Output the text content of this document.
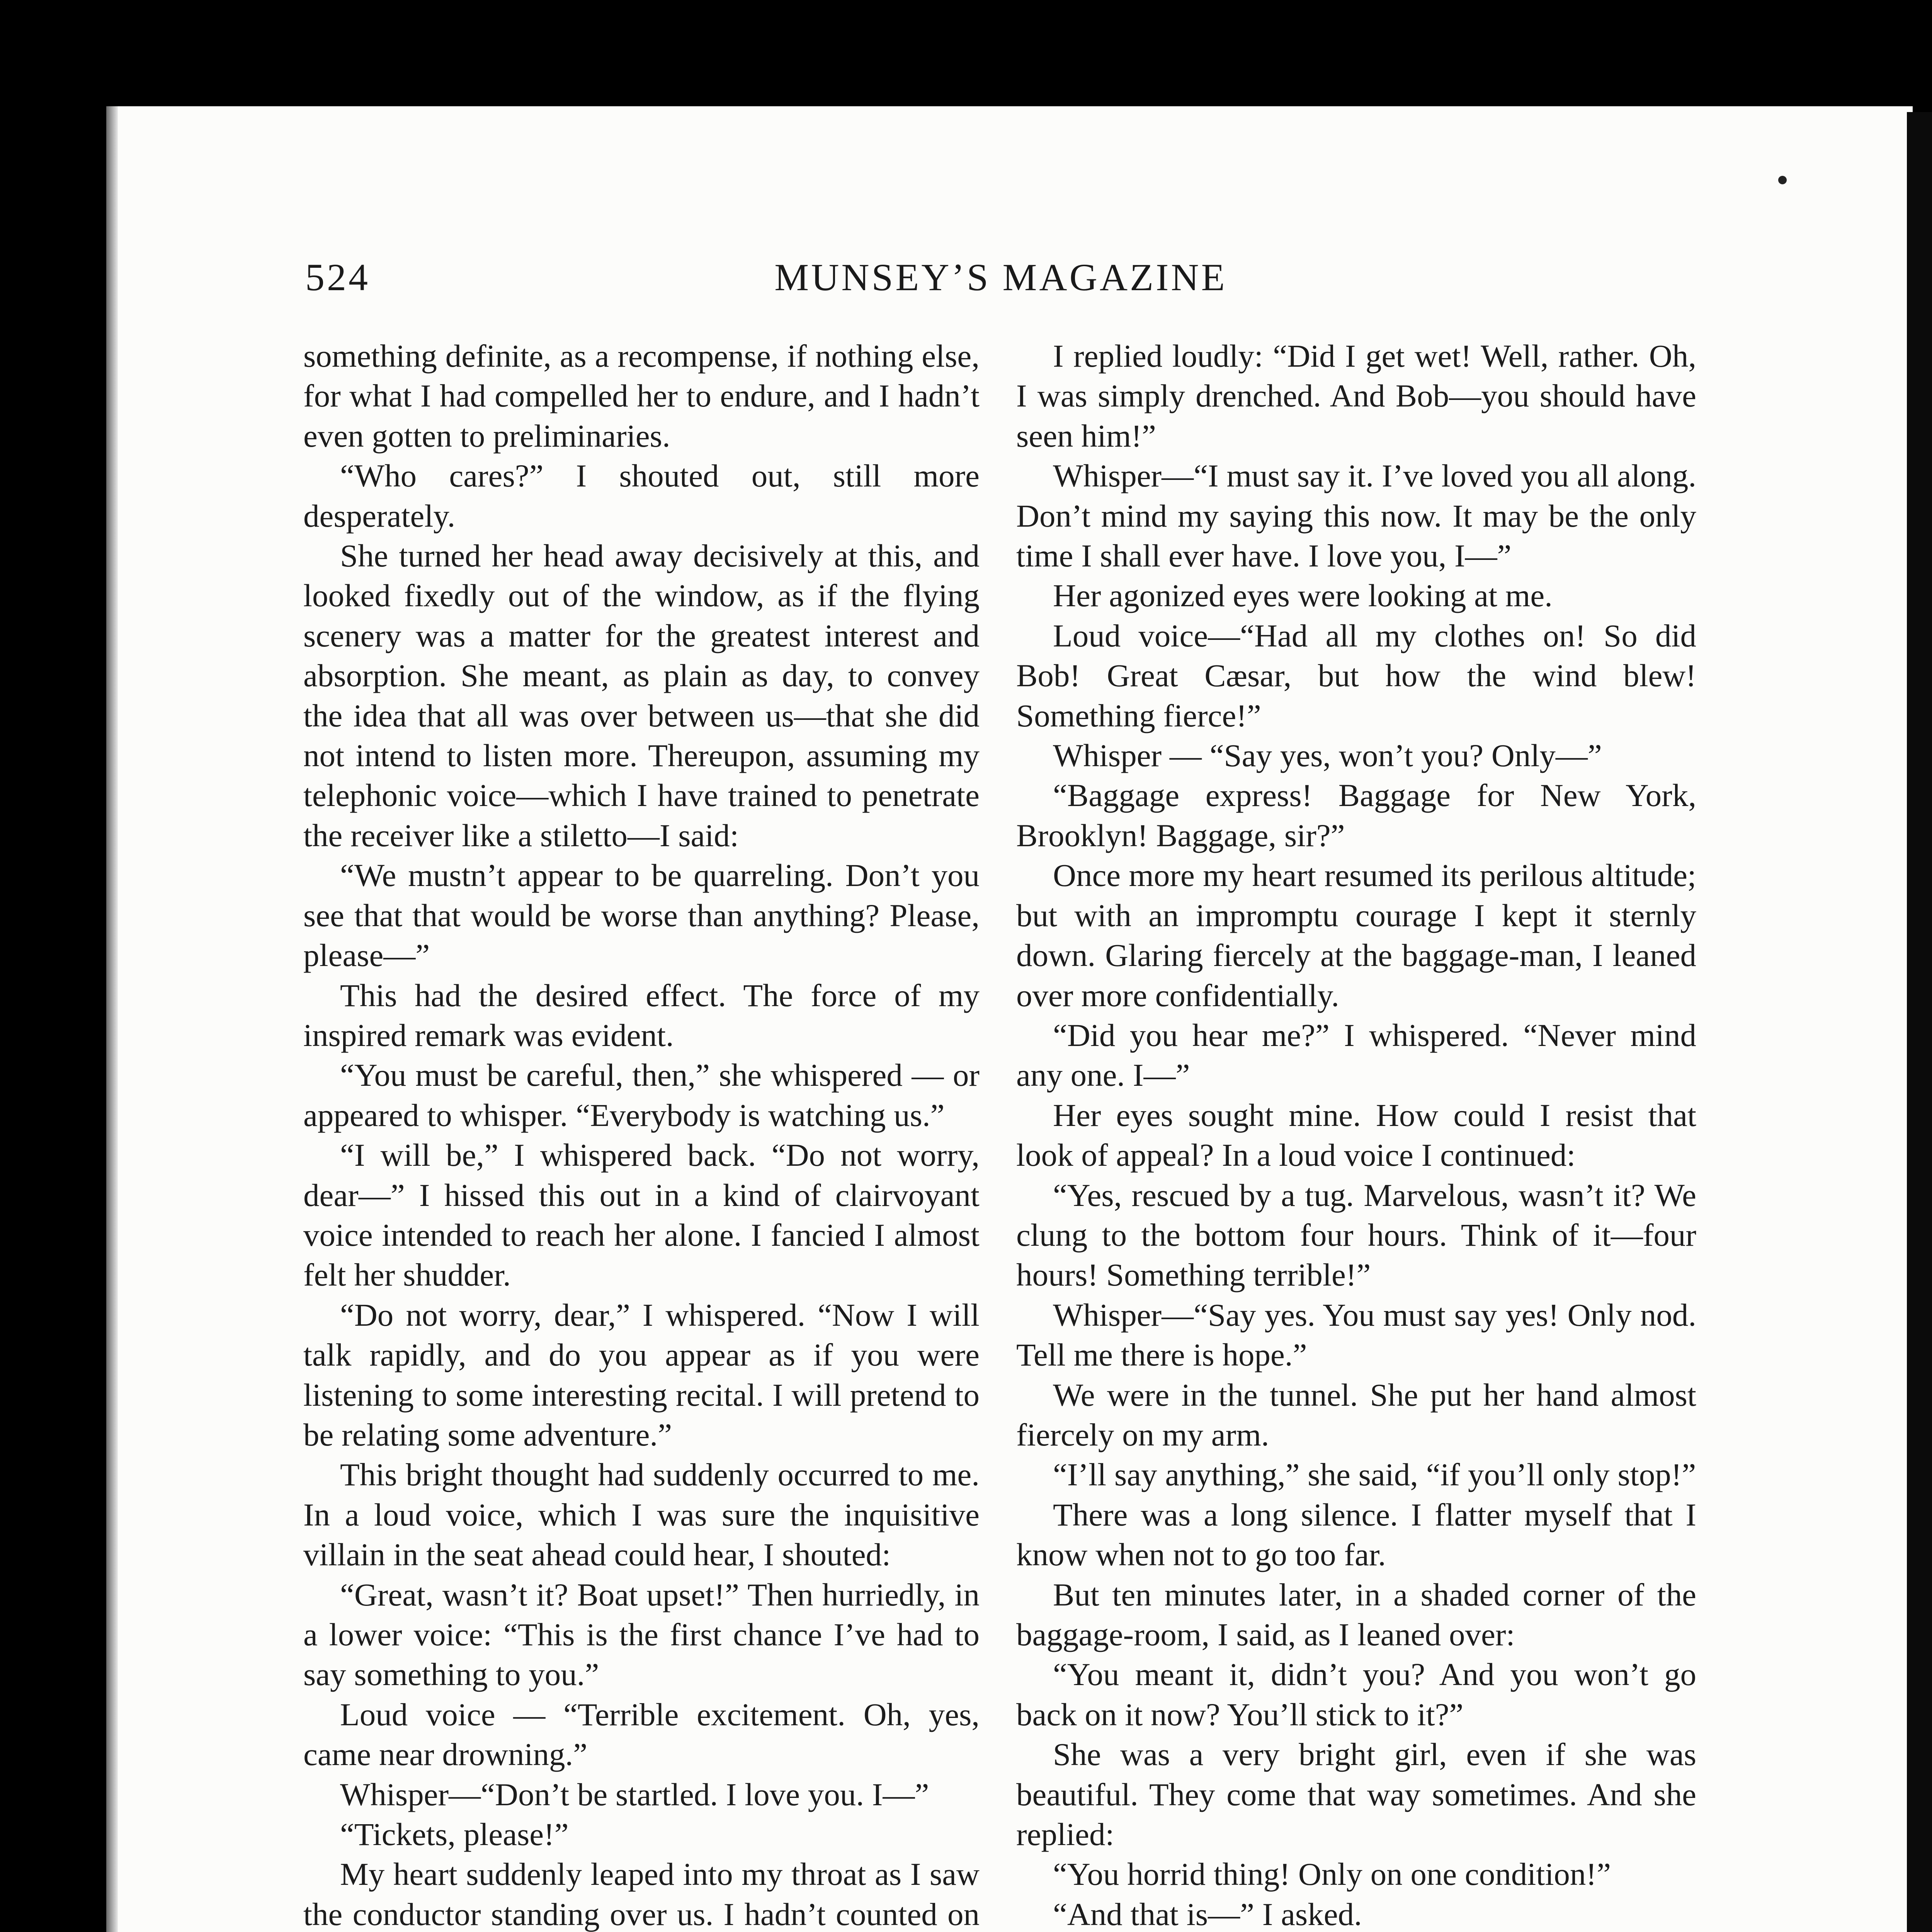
524	MUNSEY’S MAGAZINE

something definite, as a recompense, if nothing else, for what I had compelled her to endure, and I hadn’t even gotten to preliminaries.

“Who cares?” I shouted out, still more desperately.

She turned her head away decisively at this, and looked fixedly out of the window, as if the flying scenery was a matter for the greatest interest and absorption. She meant, as plain as day, to convey the idea that all was over between us—that she did not intend to listen more. Thereupon, assuming my telephonic voice—which I have trained to penetrate the receiver like a stiletto—I said:

“We mustn’t appear to be quarreling. Don’t you see that that would be worse than anything? Please, please—”

This had the desired effect. The force of my inspired remark was evident.

“You must be careful, then,” she whispered — or appeared to whisper. “Everybody is watching us.”

“I will be,” I whispered back. “Do not worry, dear—” I hissed this out in a kind of clairvoyant voice intended to reach her alone. I fancied I almost felt her shudder.

“Do not worry, dear,” I whispered. “Now I will talk rapidly, and do you appear as if you were listening to some interesting recital. I will pretend to be relating some adventure.”

This bright thought had suddenly occurred to me. In a loud voice, which I was sure the inquisitive villain in the seat ahead could hear, I shouted:

“Great, wasn’t it? Boat upset!” Then hurriedly, in a lower voice: “This is the first chance I’ve had to say something to you.”

Loud voice — “Terrible excitement. Oh, yes, came near drowning.”

Whisper—“Don’t be startled. I love you. I—”

“Tickets, please!”

My heart suddenly leaped into my throat as I saw the conductor standing over us. I hadn’t counted on

I replied loudly: “Did I get wet! Well, rather. Oh, I was simply drenched. And Bob—you should have seen him!”

Whisper—“I must say it. I’ve loved you all along. Don’t mind my saying this now. It may be the only time I shall ever have. I love you, I—”

Her agonized eyes were looking at me.

Loud voice—“Had all my clothes on! So did Bob! Great Cæsar, but how the wind blew! Something fierce!”

Whisper — “Say yes, won’t you? Only—”

“Baggage express! Baggage for New York, Brooklyn! Baggage, sir?”

Once more my heart resumed its perilous altitude; but with an impromptu courage I kept it sternly down. Glaring fiercely at the baggage-man, I leaned over more confidentially.

“Did you hear me?” I whispered. “Never mind any one. I—”

Her eyes sought mine. How could I resist that look of appeal? In a loud voice I continued:

“Yes, rescued by a tug. Marvelous, wasn’t it? We clung to the bottom four hours. Think of it—four hours! Something terrible!”

Whisper—“Say yes. You must say yes! Only nod. Tell me there is hope.”

We were in the tunnel. She put her hand almost fiercely on my arm.

“I’ll say anything,” she said, “if you’ll only stop!”

There was a long silence. I flatter myself that I know when not to go too far.

But ten minutes later, in a shaded corner of the baggage-room, I said, as I leaned over:

“You meant it, didn’t you? And you won’t go back on it now? You’ll stick to it?”

She was a very bright girl, even if she was beautiful. They come that way sometimes. And she replied:

“You horrid thing! Only on one condition!”

“And that is—” I asked.
